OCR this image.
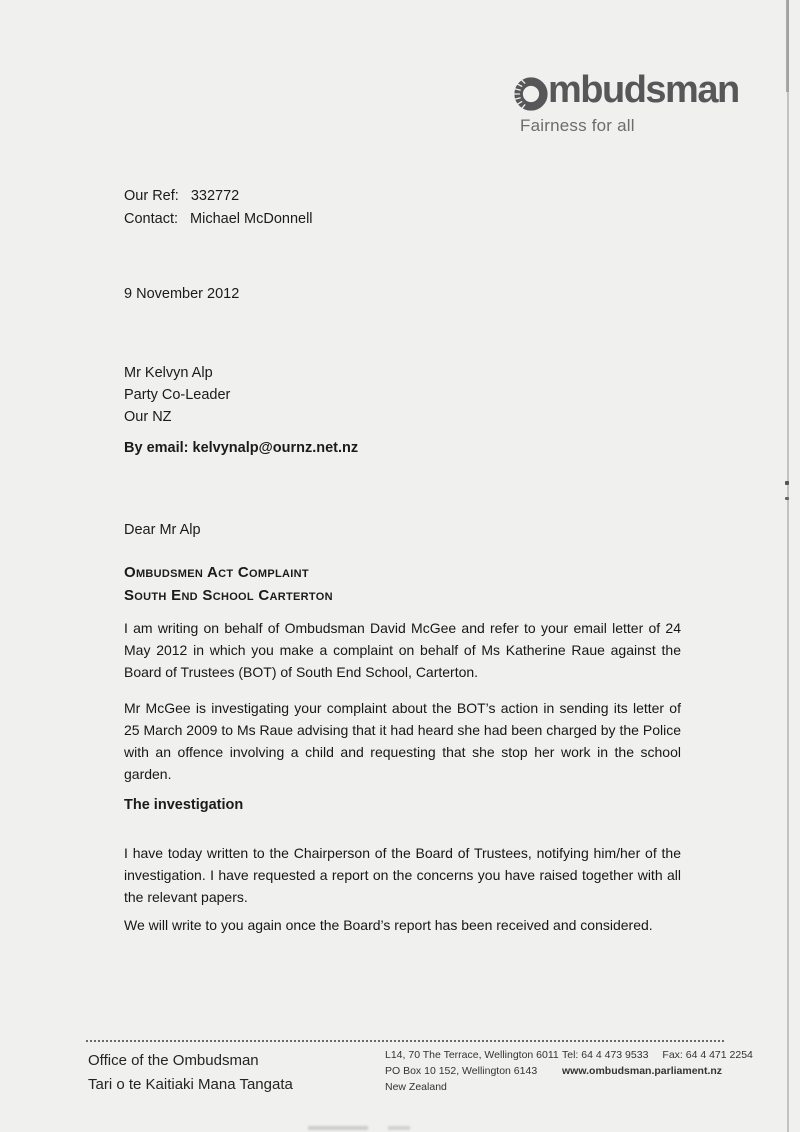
mbudsman
Fairness for all
Our Ref: 332772
Contact: Michael McDonnell
9 November 2012
Mr Kelvyn Alp
Party Co-Leader
Our NZ
By email: kelvynalp@ournz.net.nz
Dear Mr Alp
Ombudsmen Act Complaint
South End School Carterton
I am writing on behalf of Ombudsman David McGee and refer to your email letter of 24 May 2012 in which you make a complaint on behalf of Ms Katherine Raue against the Board of Trustees (BOT) of South End School, Carterton.
Mr McGee is investigating your complaint about the BOT’s action in sending its letter of 25 March 2009 to Ms Raue advising that it had heard she had been charged by the Police with an offence involving a child and requesting that she stop her work in the school garden.
The investigation
I have today written to the Chairperson of the Board of Trustees, notifying him/her of the investigation. I have requested a report on the concerns you have raised together with all the relevant papers.
We will write to you again once the Board’s report has been received and considered.
Office of the Ombudsman
Tari o te Kaitiaki Mana Tangata
L14, 70 The Terrace, Wellington 6011
PO Box 10 152, Wellington 6143
New Zealand
Tel: 64 4 473 9533 Fax: 64 4 471 2254
www.ombudsman.parliament.nz
